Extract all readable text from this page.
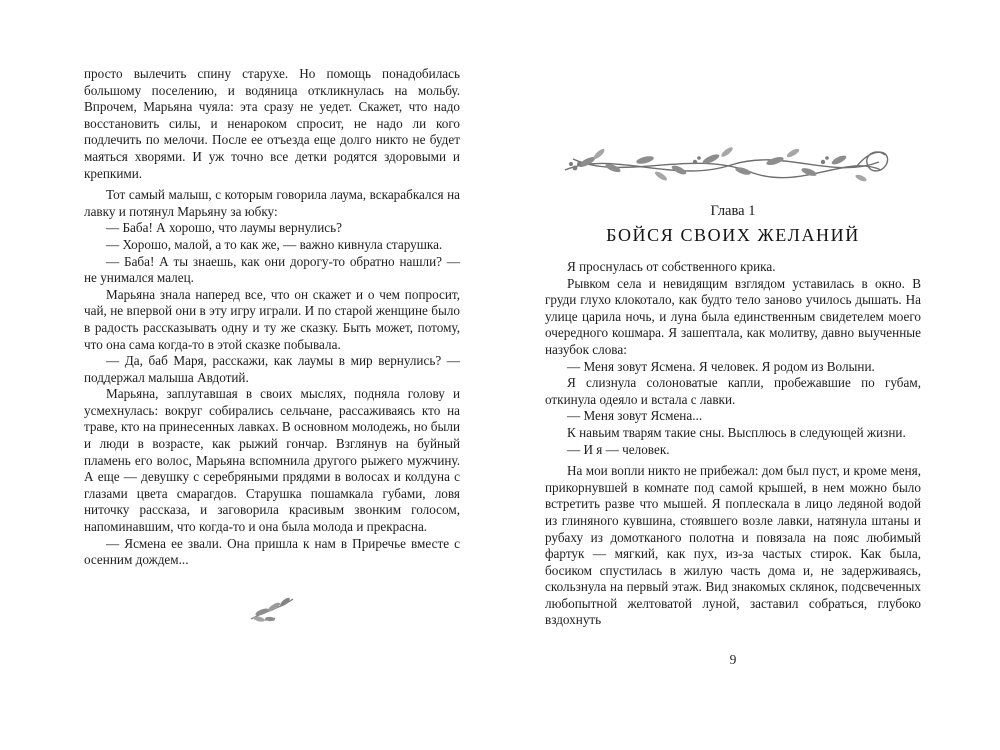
просто вылечить спину старухе. Но помощь понадобилась большому поселению, и водяница откликнулась на мольбу. Впрочем, Марьяна чуяла: эта сразу не уедет. Скажет, что надо восстановить силы, и ненароком спросит, не надо ли кого подлечить по мелочи. После ее отъезда еще долго никто не будет маяться хворями. И уж точно все детки родятся здоровыми и крепкими.

Тот самый малыш, с которым говорила лаума, вскарабкался на лавку и потянул Марьяну за юбку:

— Баба! А хорошо, что лаумы вернулись?

— Хорошо, малой, а то как же, — важно кивнула старушка.

— Баба! А ты знаешь, как они дорогу-то обратно нашли? — не унимался малец.

Марьяна знала наперед все, что он скажет и о чем попросит, чай, не впервой они в эту игру играли. И по старой женщине было в радость рассказывать одну и ту же сказку. Быть может, потому, что она сама когда-то в этой сказке побывала.

— Да, баб Маря, расскажи, как лаумы в мир вернулись? — поддержал малыша Авдотий.

Марьяна, заплутавшая в своих мыслях, подняла голову и усмехнулась: вокруг собирались сельчане, рассаживаясь кто на траве, кто на принесенных лавках. В основном молодежь, но были и люди в возрасте, как рыжий гончар. Взглянув на буйный пламень его волос, Марьяна вспомнила другого рыжего мужчину. А еще — девушку с серебряными прядями в волосах и колдуна с глазами цвета смарагдов. Старушка пошамкала губами, ловя ниточку рассказа, и заговорила красивым звонким голосом, напоминавшим, что когда-то и она была молода и прекрасна.

— Ясмена ее звали. Она пришла к нам в Приречье вместе с осенним дождем...

Глава 1
БОЙСЯ СВОИХ ЖЕЛАНИЙ

Я проснулась от собственного крика.

Рывком села и невидящим взглядом уставилась в окно. В груди глухо клокотало, как будто тело заново училось дышать. На улице царила ночь, и луна была единственным свидетелем моего очередного кошмара. Я зашептала, как молитву, давно выученные назубок слова:

— Меня зовут Ясмена. Я человек. Я родом из Волыни.

Я слизнула солоноватые капли, пробежавшие по губам, откинула одеяло и встала с лавки.

— Меня зовут Ясмена...

К навьим тварям такие сны. Высплюсь в следующей жизни.

— И я — человек.

На мои вопли никто не прибежал: дом был пуст, и кроме меня, прикорнувшей в комнате под самой крышей, в нем можно было встретить разве что мышей. Я поплескала в лицо ледяной водой из глиняного кувшина, стоявшего возле лавки, натянула штаны и рубаху из домотканого полотна и повязала на пояс любимый фартук — мягкий, как пух, из-за частых стирок. Как была, босиком спустилась в жилую часть дома и, не задерживаясь, скользнула на первый этаж. Вид знакомых склянок, подсвеченных любопытной желтоватой луной, заставил собраться, глубоко вздохнуть

9
